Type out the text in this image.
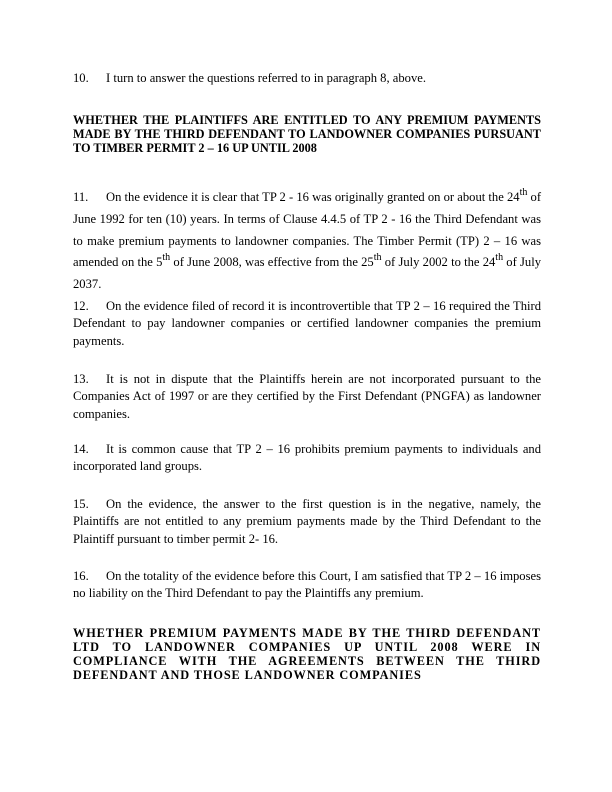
10. I turn to answer the questions referred to in paragraph 8, above.

WHETHER THE PLAINTIFFS ARE ENTITLED TO ANY PREMIUM PAYMENTS MADE BY THE THIRD DEFENDANT TO LANDOWNER COMPANIES PURSUANT TO TIMBER PERMIT 2 – 16 UP UNTIL 2008

11. On the evidence it is clear that TP 2 - 16 was originally granted on or about the 24th of June 1992 for ten (10) years. In terms of Clause 4.4.5 of TP 2 - 16 the Third Defendant was to make premium payments to landowner companies. The Timber Permit (TP) 2 – 16 was amended on the 5th of June 2008, was effective from the 25th of July 2002 to the 24th of July 2037.

12. On the evidence filed of record it is incontrovertible that TP 2 – 16 required the Third Defendant to pay landowner companies or certified landowner companies the premium payments.

13. It is not in dispute that the Plaintiffs herein are not incorporated pursuant to the Companies Act of 1997 or are they certified by the First Defendant (PNGFA) as landowner companies.

14. It is common cause that TP 2 – 16 prohibits premium payments to individuals and incorporated land groups.

15. On the evidence, the answer to the first question is in the negative, namely, the Plaintiffs are not entitled to any premium payments made by the Third Defendant to the Plaintiff pursuant to timber permit 2- 16.

16. On the totality of the evidence before this Court, I am satisfied that TP 2 – 16 imposes no liability on the Third Defendant to pay the Plaintiffs any premium.

WHETHER PREMIUM PAYMENTS MADE BY THE THIRD DEFENDANT LTD TO LANDOWNER COMPANIES UP UNTIL 2008 WERE IN COMPLIANCE WITH THE AGREEMENTS BETWEEN THE THIRD DEFENDANT AND THOSE LANDOWNER COMPANIES
